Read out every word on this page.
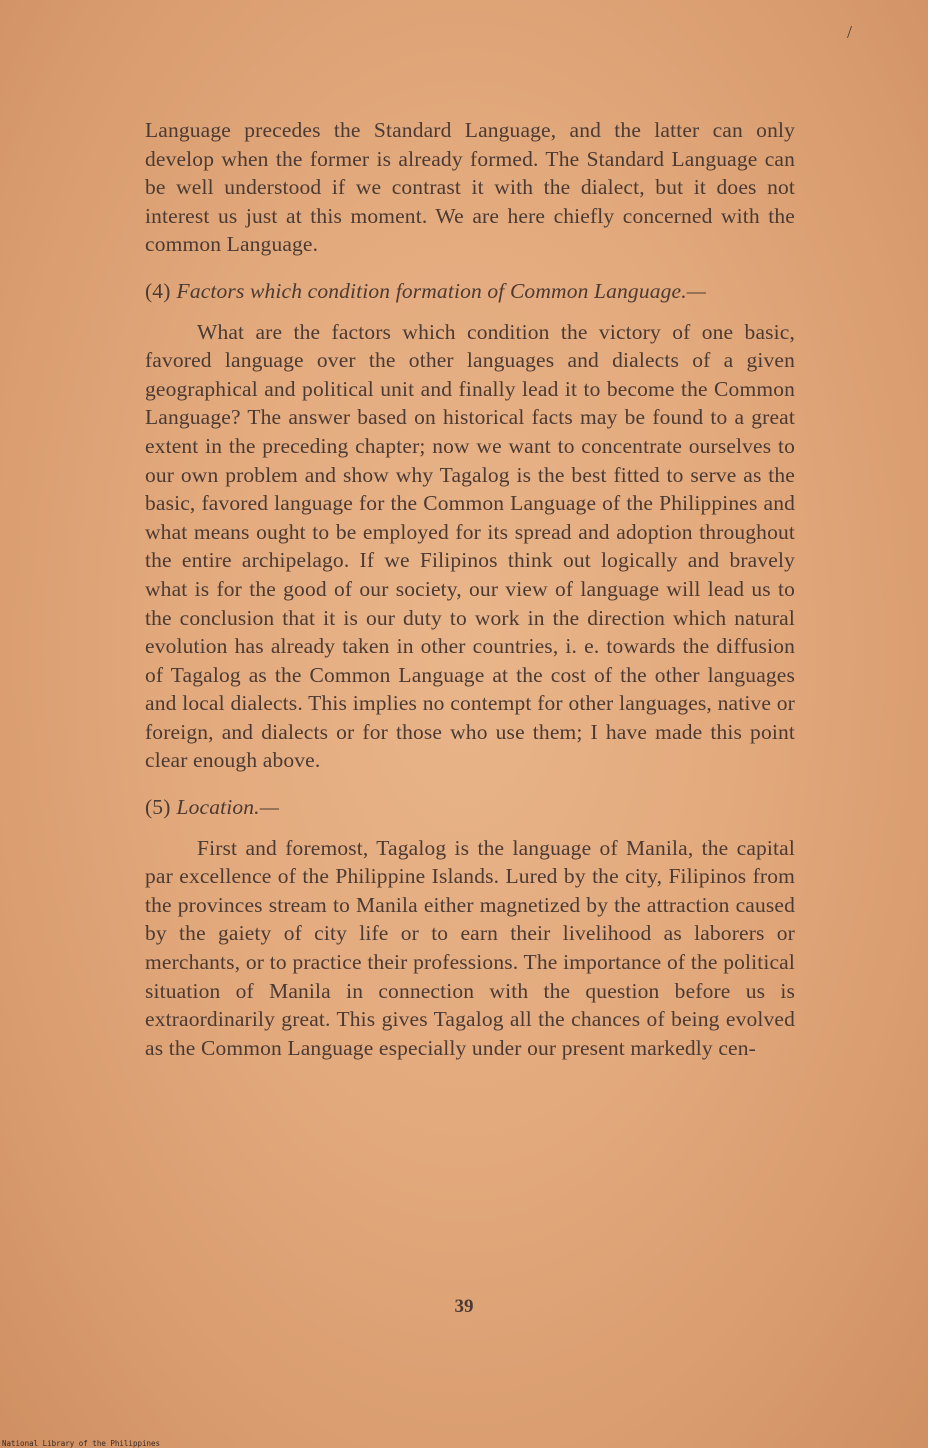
/

Language precedes the Standard Language, and the latter can only develop when the former is already formed. The Standard Language can be well understood if we contrast it with the dialect, but it does not interest us just at this moment. We are here chiefly concerned with the common Language.

(4) Factors which condition formation of Common Language.—

What are the factors which condition the victory of one basic, favored language over the other languages and dialects of a given geographical and political unit and finally lead it to become the Common Language? The answer based on historical facts may be found to a great extent in the preceding chapter; now we want to concentrate ourselves to our own problem and show why Tagalog is the best fitted to serve as the basic, favored language for the Common Language of the Philippines and what means ought to be employed for its spread and adoption throughout the entire archipelago. If we Filipinos think out logically and bravely what is for the good of our society, our view of language will lead us to the conclusion that it is our duty to work in the direction which natural evolution has already taken in other countries, i. e. towards the diffusion of Tagalog as the Common Language at the cost of the other languages and local dialects. This implies no contempt for other languages, native or foreign, and dialects or for those who use them; I have made this point clear enough above.

(5) Location.—

First and foremost, Tagalog is the language of Manila, the capital par excellence of the Philippine Islands. Lured by the city, Filipinos from the provinces stream to Manila either magnetized by the attraction caused by the gaiety of city life or to earn their livelihood as laborers or merchants, or to practice their professions. The importance of the political situation of Manila in connection with the question before us is extraordinarily great. This gives Tagalog all the chances of being evolved as the Common Language especially under our present markedly cen-

39
National Library of the Philippines
